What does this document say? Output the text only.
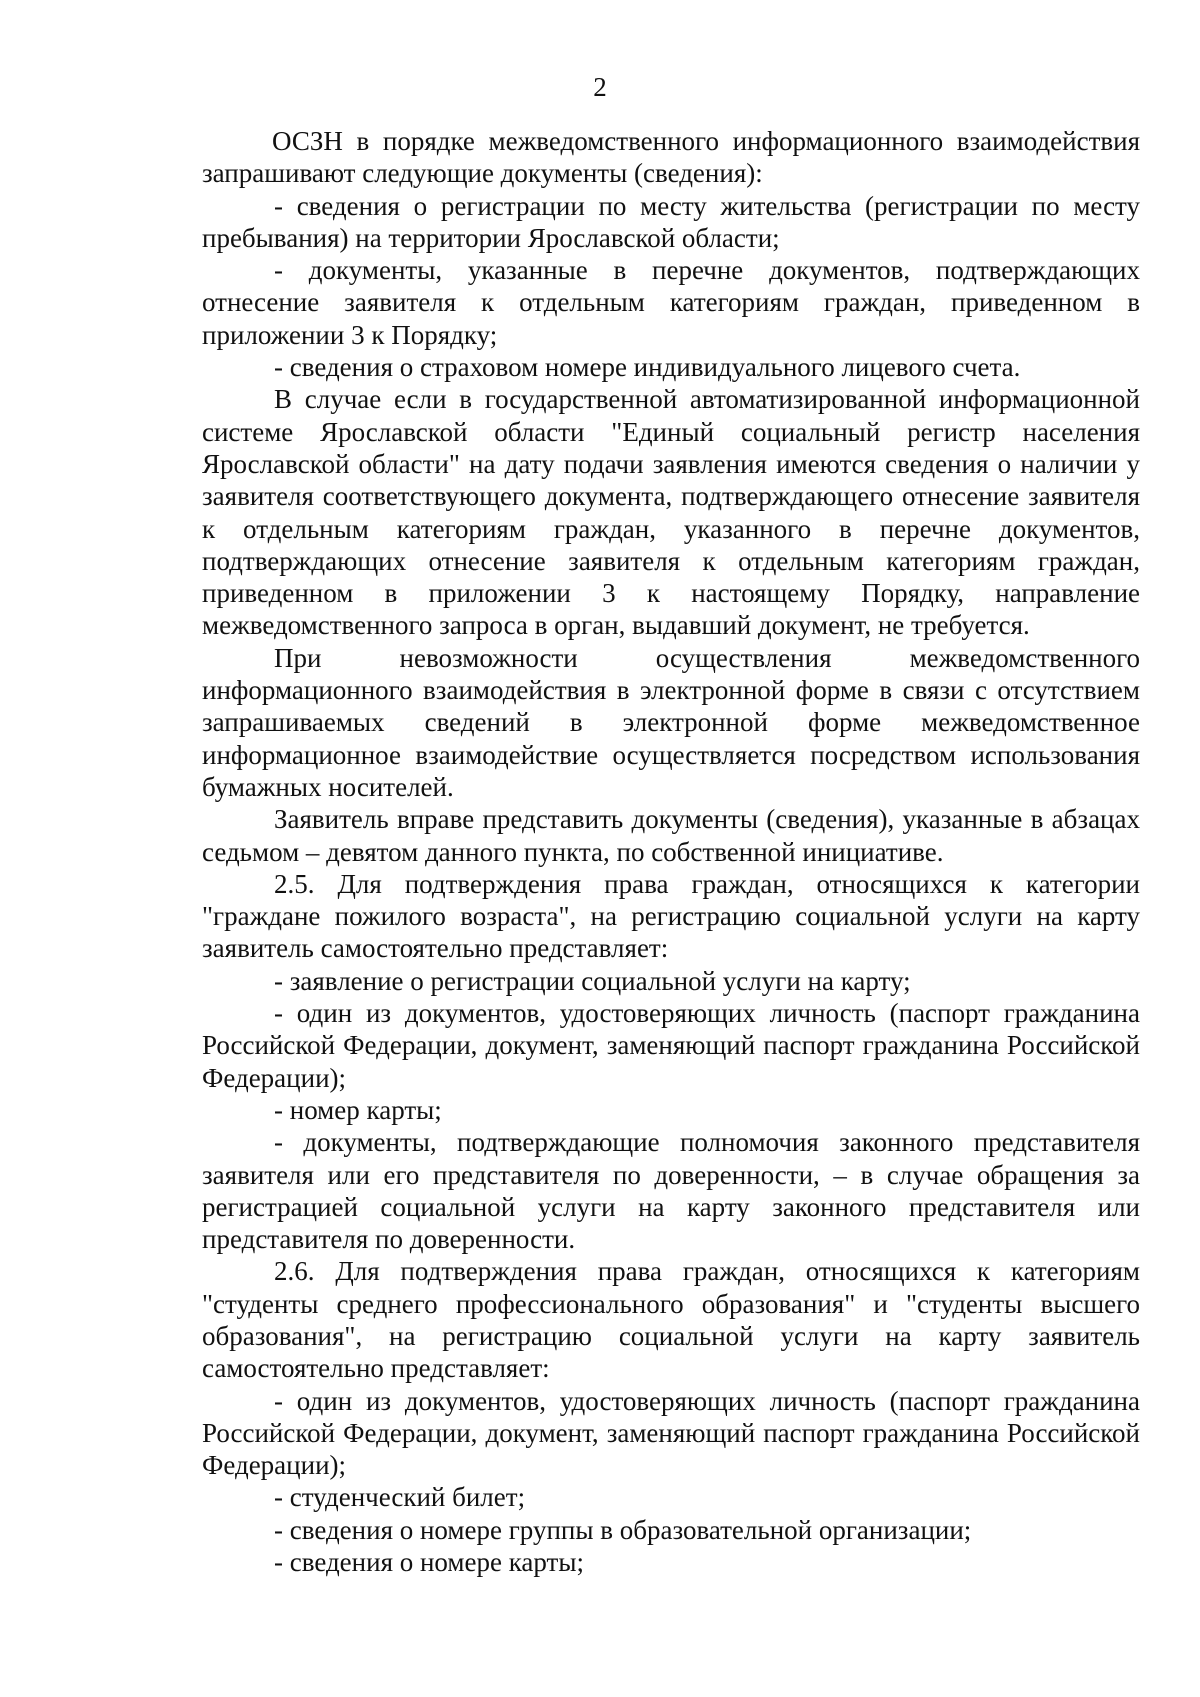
2

ОСЗН в порядке межведомственного информационного взаимодействия запрашивают следующие документы (сведения):

- сведения о регистрации по месту жительства (регистрации по месту пребывания) на территории Ярославской области;

- документы, указанные в перечне документов, подтверждающих отнесение заявителя к отдельным категориям граждан, приведенном в приложении 3 к Порядку;

- сведения о страховом номере индивидуального лицевого счета.

В случае если в государственной автоматизированной информационной системе Ярославской области "Единый социальный регистр населения Ярославской области" на дату подачи заявления имеются сведения о наличии у заявителя соответствующего документа, подтверждающего отнесение заявителя к отдельным категориям граждан, указанного в перечне документов, подтверждающих отнесение заявителя к отдельным категориям граждан, приведенном в приложении 3 к настоящему Порядку, направление межведомственного запроса в орган, выдавший документ, не требуется.

При невозможности осуществления межведомственного информационного взаимодействия в электронной форме в связи с отсутствием запрашиваемых сведений в электронной форме межведомственное информационное взаимодействие осуществляется посредством использования бумажных носителей.

Заявитель вправе представить документы (сведения), указанные в абзацах седьмом – девятом данного пункта, по собственной инициативе.

2.5. Для подтверждения права граждан, относящихся к категории "граждане пожилого возраста", на регистрацию социальной услуги на карту заявитель самостоятельно представляет:

- заявление о регистрации социальной услуги на карту;

- один из документов, удостоверяющих личность (паспорт гражданина Российской Федерации, документ, заменяющий паспорт гражданина Российской Федерации);

- номер карты;

- документы, подтверждающие полномочия законного представителя заявителя или его представителя по доверенности, – в случае обращения за регистрацией социальной услуги на карту законного представителя или представителя по доверенности.

2.6. Для подтверждения права граждан, относящихся к категориям "студенты среднего профессионального образования" и "студенты высшего образования", на регистрацию социальной услуги на карту заявитель самостоятельно представляет:

- один из документов, удостоверяющих личность (паспорт гражданина Российской Федерации, документ, заменяющий паспорт гражданина Российской Федерации);

- студенческий билет;

- сведения о номере группы в образовательной организации;

- сведения о номере карты;
